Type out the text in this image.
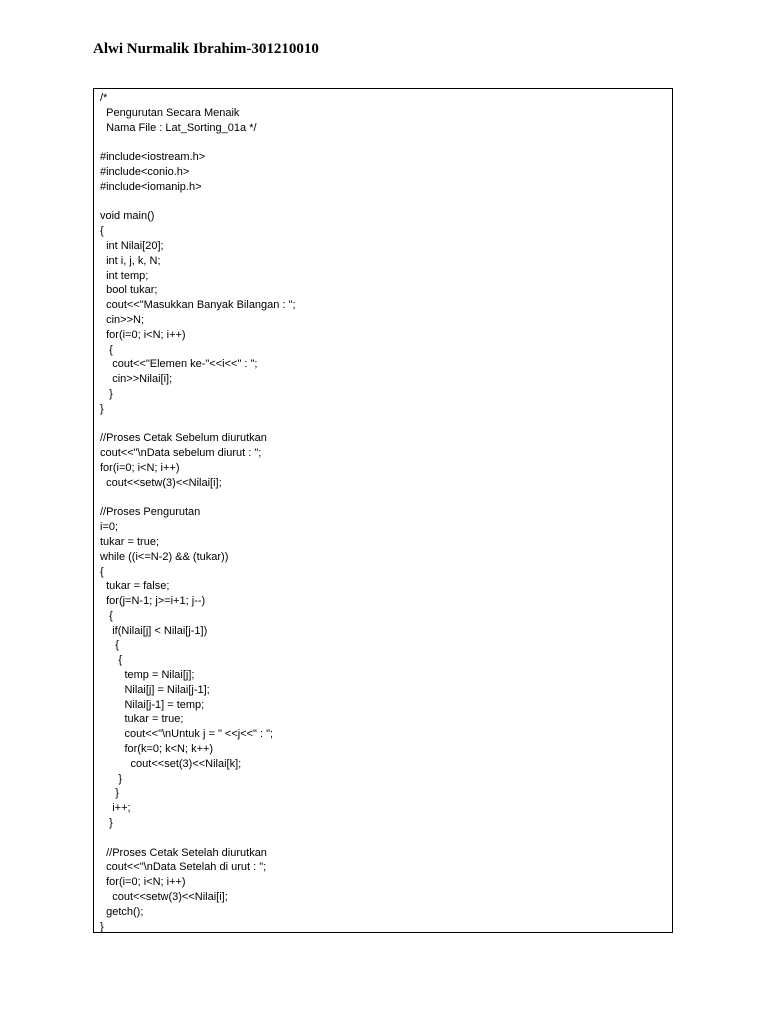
Alwi Nurmalik Ibrahim-301210010
/*
Pengurutan Secara Menaik
Nama File : Lat_Sorting_01a */
#include<iostream.h>
#include<conio.h>
#include<iomanip.h>
void main()
{
int Nilai[20];
int i, j, k, N;
int temp;
bool tukar;
cout<<"Masukkan Banyak Bilangan : ";
cin>>N;
for(i=0; i<N; i++)
{
cout<<"Elemen ke-"<<i<<" : ";
cin>>Nilai[i];
}
}
//Proses Cetak Sebelum diurutkan
cout<<"\nData sebelum diurut : ";
for(i=0; i<N; i++)
cout<<setw(3)<<Nilai[i];
//Proses Pengurutan
i=0;
tukar = true;
while ((i<=N-2) && (tukar))
{
tukar = false;
for(j=N-1; j>=i+1; j--)
{
if(Nilai[j] < Nilai[j-1])
{
{
temp = Nilai[j];
Nilai[j] = Nilai[j-1];
Nilai[j-1] = temp;
tukar = true;
cout<<"\nUntuk j = " <<j<<" : ";
for(k=0; k<N; k++)
cout<<set(3)<<Nilai[k];
}
}
i++;
}
//Proses Cetak Setelah diurutkan
cout<<"\nData Setelah di urut : ";
for(i=0; i<N; i++)
cout<<setw(3)<<Nilai[i];
getch();
}
